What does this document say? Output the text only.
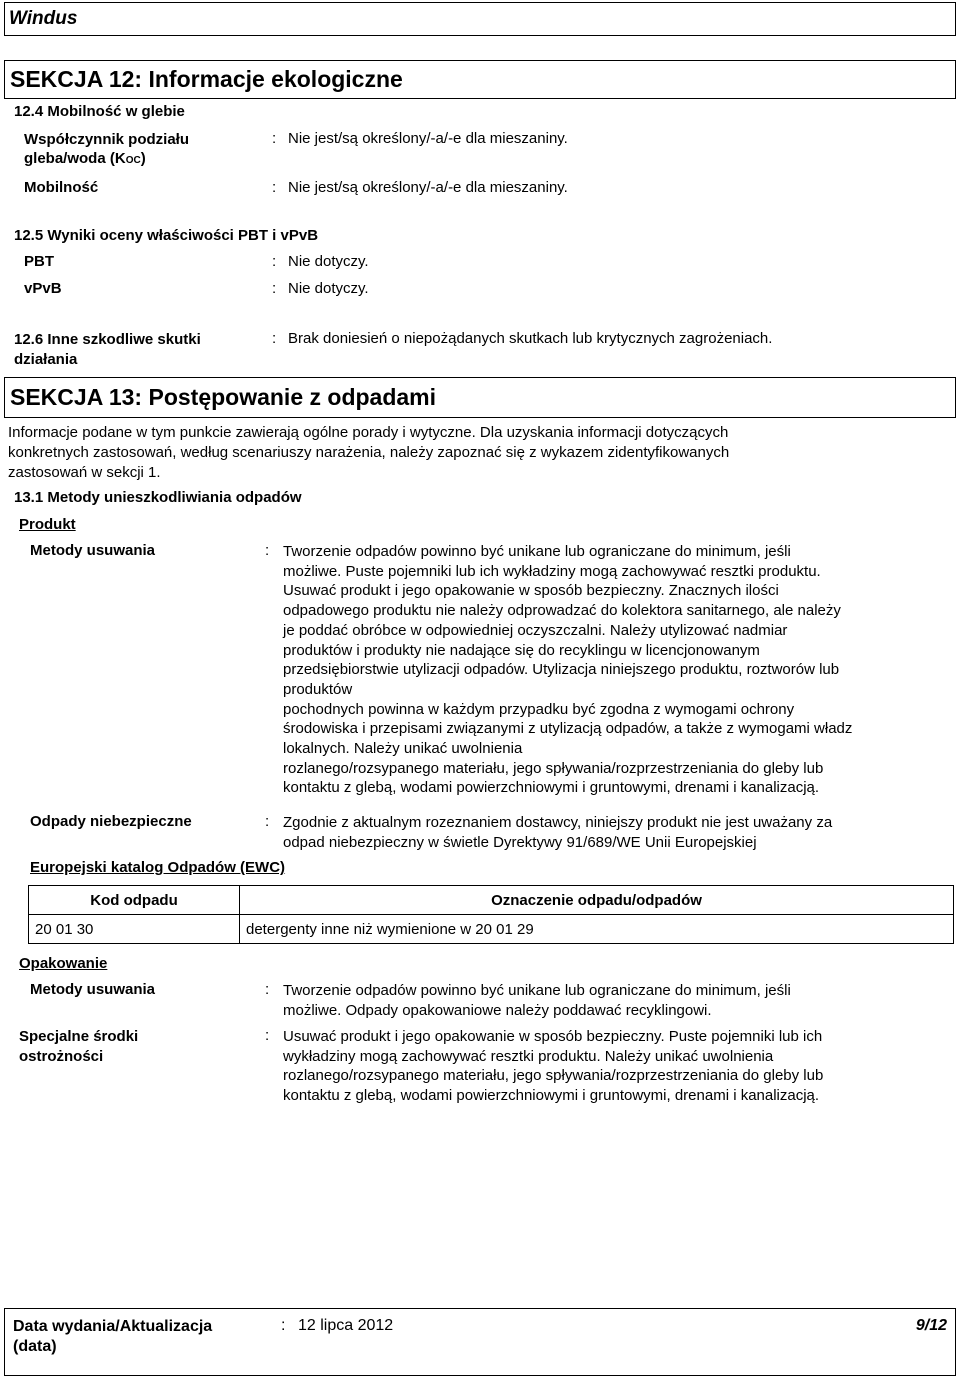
Windus
SEKCJA 12: Informacje ekologiczne
12.4 Mobilność w glebie
Współczynnik podziału
gleba/woda (KOC)
: Nie jest/są określony/-a/-e dla mieszaniny.
Mobilność	: Nie jest/są określony/-a/-e dla mieszaniny.
12.5 Wyniki oceny właściwości PBT i vPvB
PBT	: Nie dotyczy.
vPvB	: Nie dotyczy.
12.6 Inne szkodliwe skutki
działania
: Brak doniesień o niepożądanych skutkach lub krytycznych zagrożeniach.
SEKCJA 13: Postępowanie z odpadami
Informacje podane w tym punkcie zawierają ogólne porady i wytyczne. Dla uzyskania informacji dotyczących
konkretnych zastosowań, według scenariuszy narażenia, należy zapoznać się z wykazem zidentyfikowanych
zastosowań w sekcji 1.
13.1 Metody unieszkodliwiania odpadów
Produkt
Metody usuwania	: Tworzenie odpadów powinno być unikane lub ograniczane do minimum, jeśli
możliwe. Puste pojemniki lub ich wykładziny mogą zachowywać resztki produktu.
Usuwać produkt i jego opakowanie w sposób bezpieczny. Znacznych ilości
odpadowego produktu nie należy odprowadzać do kolektora sanitarnego, ale należy
je poddać obróbce w odpowiedniej oczyszczalni. Należy utylizować nadmiar
produktów i produkty nie nadające się do recyklingu w licencjonowanym
przedsiębiorstwie utylizacji odpadów. Utylizacja niniejszego produktu, roztworów lub
produktów
pochodnych powinna w każdym przypadku być zgodna z wymogami ochrony
środowiska i przepisami związanymi z utylizacją odpadów, a także z wymogami władz
lokalnych. Należy unikać uwolnienia
rozlanego/rozsypanego materiału, jego spływania/rozprzestrzeniania do gleby lub
kontaktu z glebą, wodami powierzchniowymi i gruntowymi, drenami i kanalizacją.
Odpady niebezpieczne	: Zgodnie z aktualnym rozeznaniem dostawcy, niniejszy produkt nie jest uważany za
odpad niebezpieczny w świetle Dyrektywy 91/689/WE Unii Europejskiej
Europejski katalog Odpadów (EWC)
Kod odpadu	Oznaczenie odpadu/odpadów
20 01 30	detergenty inne niż wymienione w 20 01 29
Opakowanie
Metody usuwania	: Tworzenie odpadów powinno być unikane lub ograniczane do minimum, jeśli
możliwe. Odpady opakowaniowe należy poddawać recyklingowi.
Specjalne środki
ostrożności
: Usuwać produkt i jego opakowanie w sposób bezpieczny. Puste pojemniki lub ich
wykładziny mogą zachowywać resztki produktu. Należy unikać uwolnienia
rozlanego/rozsypanego materiału, jego spływania/rozprzestrzeniania do gleby lub
kontaktu z glebą, wodami powierzchniowymi i gruntowymi, drenami i kanalizacją.
Data wydania/Aktualizacja
(data)
: 12 lipca 2012	9/12
